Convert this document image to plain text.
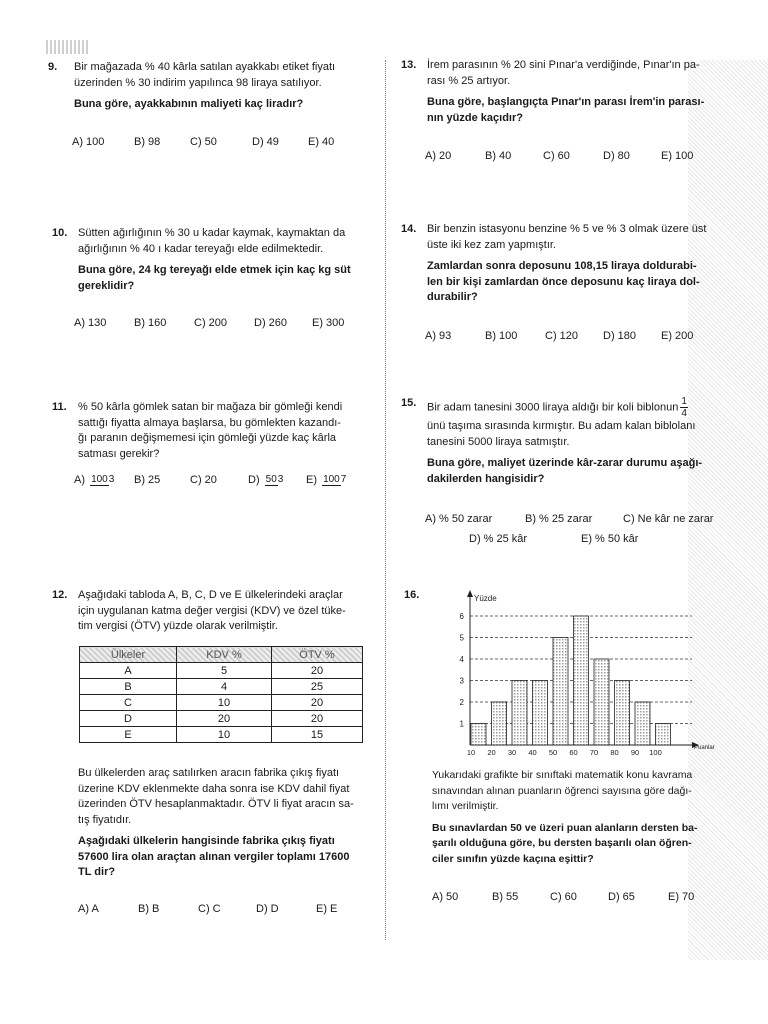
9. Bir mağazada % 40 kârla satılan ayakkabı etiket fiyatı

üzerinden % 30 indirim yapılınca 98 liraya satılıyor.

Buna göre, ayakkabının maliyeti kaç liradır?

A) 100	B) 98	C) 50	D) 49	E) 40
10. Sütten ağırlığının % 30 u kadar kaymak, kaymaktan da

ağırlığının % 40 ı kadar tereyağı elde edilmektedir.

Buna göre, 24 kg tereyağı elde etmek için kaç kg süt

gereklidir?

A) 130	B) 160	C) 200	D) 260	E) 300
11. % 50 kârla gömlek satan bir mağaza bir gömleği kendi

sattığı fiyatta almaya başlarsa, bu gömlekten kazandı-

ğı paranın değişmemesi için gömleği yüzde kaç kârla

satması gerekir?

A) 1003	B) 25	C) 20	D) 503	E) 1007
12. Aşağıdaki tabloda A, B, C, D ve E ülkelerindeki araçlar

için uygulanan katma değer vergisi (KDV) ve özel tüke-

tim vergisi (ÖTV) yüzde olarak verilmiştir.

Ülkeler	KDV %	ÖTV %
A	5	20
B	4	25
C	10	20
D	20	20
E	10	15

Bu ülkelerden araç satılırken aracın fabrika çıkış fiyatı

üzerine KDV eklenmekte daha sonra ise KDV dahil fiyat

üzerinden ÖTV hesaplanmaktadır. ÖTV li fiyat aracın sa-

tış fiyatıdır.

Aşağıdaki ülkelerin hangisinde fabrika çıkış fiyatı

57600 lira olan araçtan alınan vergiler toplamı 17600

TL dir?

A) A	B) B	C) C	D) D	E) E
13. İrem parasının % 20 sini Pınar'a verdiğinde, Pınar'ın pa-

rası % 25 artıyor.

Buna göre, başlangıçta Pınar'ın parası İrem'in parası-

nın yüzde kaçıdır?

A) 20	B) 40	C) 60	D) 80	E) 100
14. Bir benzin istasyonu benzine % 5 ve % 3 olmak üzere üst

üste iki kez zam yapmıştır.

Zamlardan sonra deposunu 108,15 liraya doldurabi-

len bir kişi zamlardan önce deposunu kaç liraya dol-

durabilir?

A) 93	B) 100	C) 120	D) 180	E) 200
15. Bir adam tanesini 3000 liraya aldığı bir koli biblonun $\frac{1}{4}$

ünü taşıma sırasında kırmıştır. Bu adam kalan biblolanı

tanesini 5000 liraya satmıştır.

Buna göre, maliyet üzerinde kâr-zarar durumu aşağı-

dakilerden hangisidir?

A) % 50 zarar	B) % 25 zarar	C) Ne kâr ne zarar
D) % 25 kâr	E) % 50 kâr
16.
1
2
3
4
5
6
Yüzde
Puanlar
10 20 30 40 50 60 70 80 90 100

Yukarıdaki grafikte bir sınıftaki matematik konu kavrama

sınavından alınan puanların öğrenci sayısına göre dağı-

lımı verilmiştir.

Bu sınavlardan 50 ve üzeri puan alanların dersten ba-

şarılı olduğuna göre, bu dersten başarılı olan öğren-

ciler sınıfın yüzde kaçına eşittir?

A) 50	B) 55	C) 60	D) 65	E) 70
